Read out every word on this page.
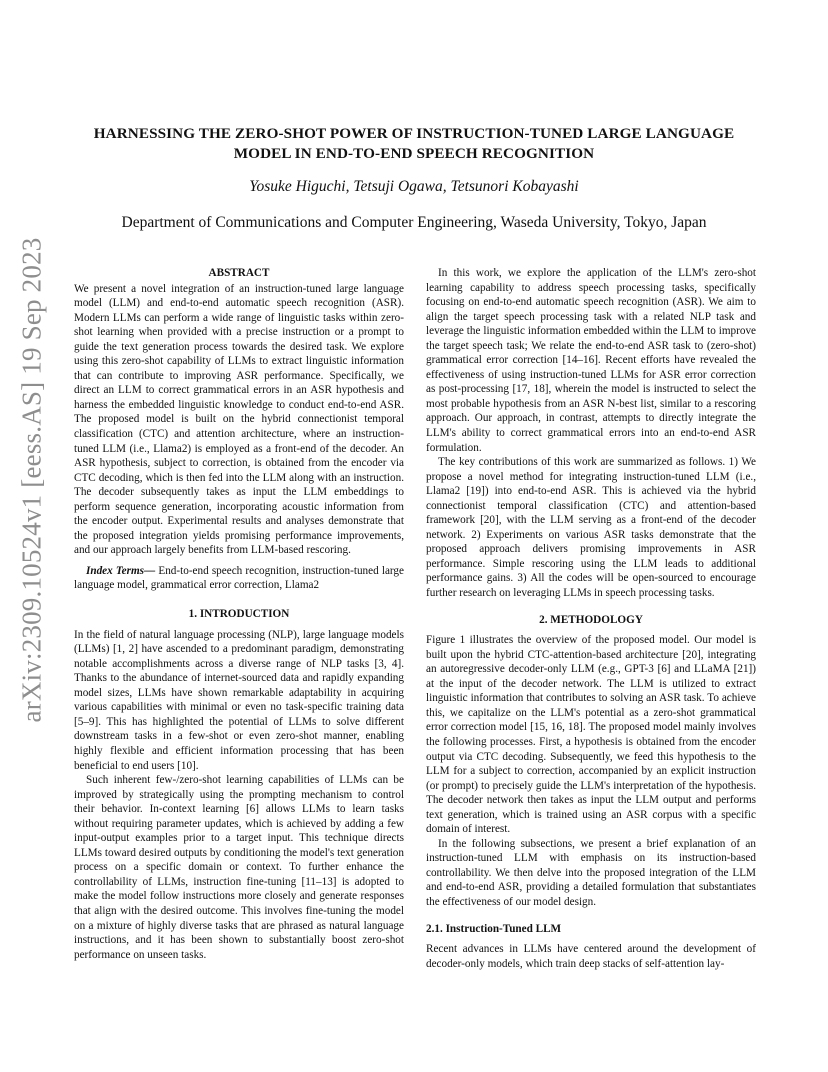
arXiv:2309.10524v1 [eess.AS] 19 Sep 2023
HARNESSING THE ZERO-SHOT POWER OF INSTRUCTION-TUNED LARGE LANGUAGE MODEL IN END-TO-END SPEECH RECOGNITION
Yosuke Higuchi, Tetsuji Ogawa, Tetsunori Kobayashi
Department of Communications and Computer Engineering, Waseda University, Tokyo, Japan
ABSTRACT

We present a novel integration of an instruction-tuned large language model (LLM) and end-to-end automatic speech recognition (ASR). Modern LLMs can perform a wide range of linguistic tasks within zero-shot learning when provided with a precise instruction or a prompt to guide the text generation process towards the desired task. We explore using this zero-shot capability of LLMs to extract linguistic information that can contribute to improving ASR performance. Specifically, we direct an LLM to correct grammatical errors in an ASR hypothesis and harness the embedded linguistic knowledge to conduct end-to-end ASR. The proposed model is built on the hybrid connectionist temporal classification (CTC) and attention architecture, where an instruction-tuned LLM (i.e., Llama2) is employed as a front-end of the decoder. An ASR hypothesis, subject to correction, is obtained from the encoder via CTC decoding, which is then fed into the LLM along with an instruction. The decoder subsequently takes as input the LLM embeddings to perform sequence generation, incorporating acoustic information from the encoder output. Experimental results and analyses demonstrate that the proposed integration yields promising performance improvements, and our approach largely benefits from LLM-based rescoring.

Index Terms— End-to-end speech recognition, instruction-tuned large language model, grammatical error correction, Llama2

1. INTRODUCTION

In the field of natural language processing (NLP), large language models (LLMs) [1, 2] have ascended to a predominant paradigm, demonstrating notable accomplishments across a diverse range of NLP tasks [3, 4]. Thanks to the abundance of internet-sourced data and rapidly expanding model sizes, LLMs have shown remarkable adaptability in acquiring various capabilities with minimal or even no task-specific training data [5–9]. This has highlighted the potential of LLMs to solve different downstream tasks in a few-shot or even zero-shot manner, enabling highly flexible and efficient information processing that has been beneficial to end users [10].

Such inherent few-/zero-shot learning capabilities of LLMs can be improved by strategically using the prompting mechanism to control their behavior. In-context learning [6] allows LLMs to learn tasks without requiring parameter updates, which is achieved by adding a few input-output examples prior to a target input. This technique directs LLMs toward desired outputs by conditioning the model's text generation process on a specific domain or context. To further enhance the controllability of LLMs, instruction fine-tuning [11–13] is adopted to make the model follow instructions more closely and generate responses that align with the desired outcome. This involves fine-tuning the model on a mixture of highly diverse tasks that are phrased as natural language instructions, and it has been shown to substantially boost zero-shot performance on unseen tasks.

In this work, we explore the application of the LLM's zero-shot learning capability to address speech processing tasks, specifically focusing on end-to-end automatic speech recognition (ASR). We aim to align the target speech processing task with a related NLP task and leverage the linguistic information embedded within the LLM to improve the target speech task; We relate the end-to-end ASR task to (zero-shot) grammatical error correction [14–16]. Recent efforts have revealed the effectiveness of using instruction-tuned LLMs for ASR error correction as post-processing [17, 18], wherein the model is instructed to select the most probable hypothesis from an ASR N-best list, similar to a rescoring approach. Our approach, in contrast, attempts to directly integrate the LLM's ability to correct grammatical errors into an end-to-end ASR formulation.

The key contributions of this work are summarized as follows. 1) We propose a novel method for integrating instruction-tuned LLM (i.e., Llama2 [19]) into end-to-end ASR. This is achieved via the hybrid connectionist temporal classification (CTC) and attention-based framework [20], with the LLM serving as a front-end of the decoder network. 2) Experiments on various ASR tasks demonstrate that the proposed approach delivers promising improvements in ASR performance. Simple rescoring using the LLM leads to additional performance gains. 3) All the codes will be open-sourced to encourage further research on leveraging LLMs in speech processing tasks.

2. METHODOLOGY

Figure 1 illustrates the overview of the proposed model. Our model is built upon the hybrid CTC-attention-based architecture [20], integrating an autoregressive decoder-only LLM (e.g., GPT-3 [6] and LLaMA [21]) at the input of the decoder network. The LLM is utilized to extract linguistic information that contributes to solving an ASR task. To achieve this, we capitalize on the LLM's potential as a zero-shot grammatical error correction model [15, 16, 18]. The proposed model mainly involves the following processes. First, a hypothesis is obtained from the encoder output via CTC decoding. Subsequently, we feed this hypothesis to the LLM for a subject to correction, accompanied by an explicit instruction (or prompt) to precisely guide the LLM's interpretation of the hypothesis. The decoder network then takes as input the LLM output and performs text generation, which is trained using an ASR corpus with a specific domain of interest.

In the following subsections, we present a brief explanation of an instruction-tuned LLM with emphasis on its instruction-based controllability. We then delve into the proposed integration of the LLM and end-to-end ASR, providing a detailed formulation that substantiates the effectiveness of our model design.

2.1. Instruction-Tuned LLM

Recent advances in LLMs have centered around the development of decoder-only models, which train deep stacks of self-attention lay-
